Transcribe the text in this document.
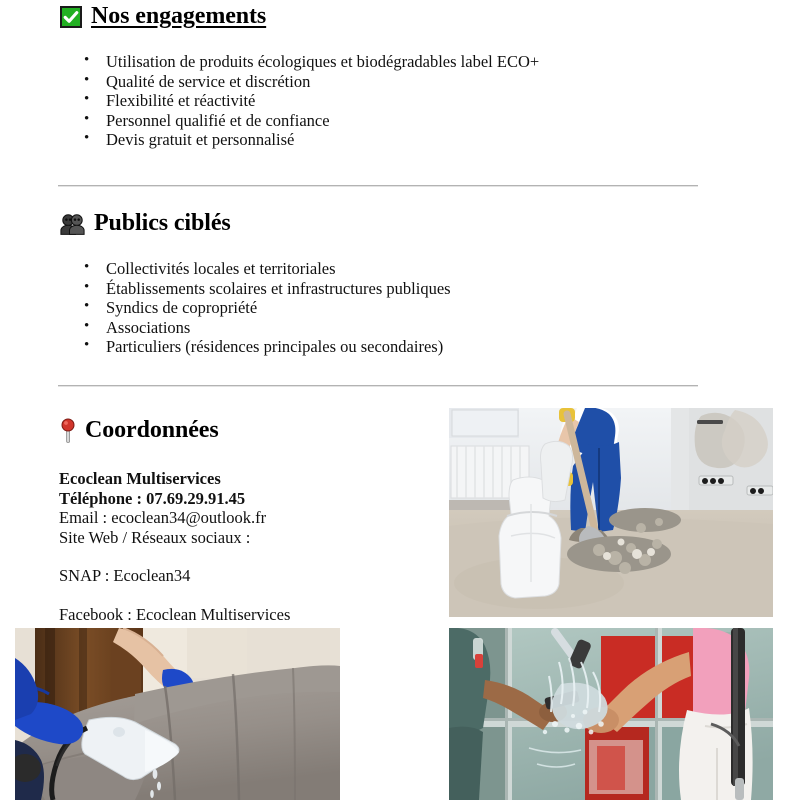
Nos engagements
• Utilisation de produits écologiques et biodégradables label ECO+
• Qualité de service et discrétion
• Flexibilité et réactivité
• Personnel qualifié et de confiance
• Devis gratuit et personnalisé
Publics ciblés
• Collectivités locales et territoriales
• Établissements scolaires et infrastructures publiques
• Syndics de copropriété
• Associations
• Particuliers (résidences principales ou secondaires)
Coordonnées
Ecoclean Multiservices
Téléphone : 07.69.29.91.45
Email : ecoclean34@outlook.fr
Site Web / Réseaux sociaux :
SNAP : Ecoclean34
Facebook : Ecoclean Multiservices
